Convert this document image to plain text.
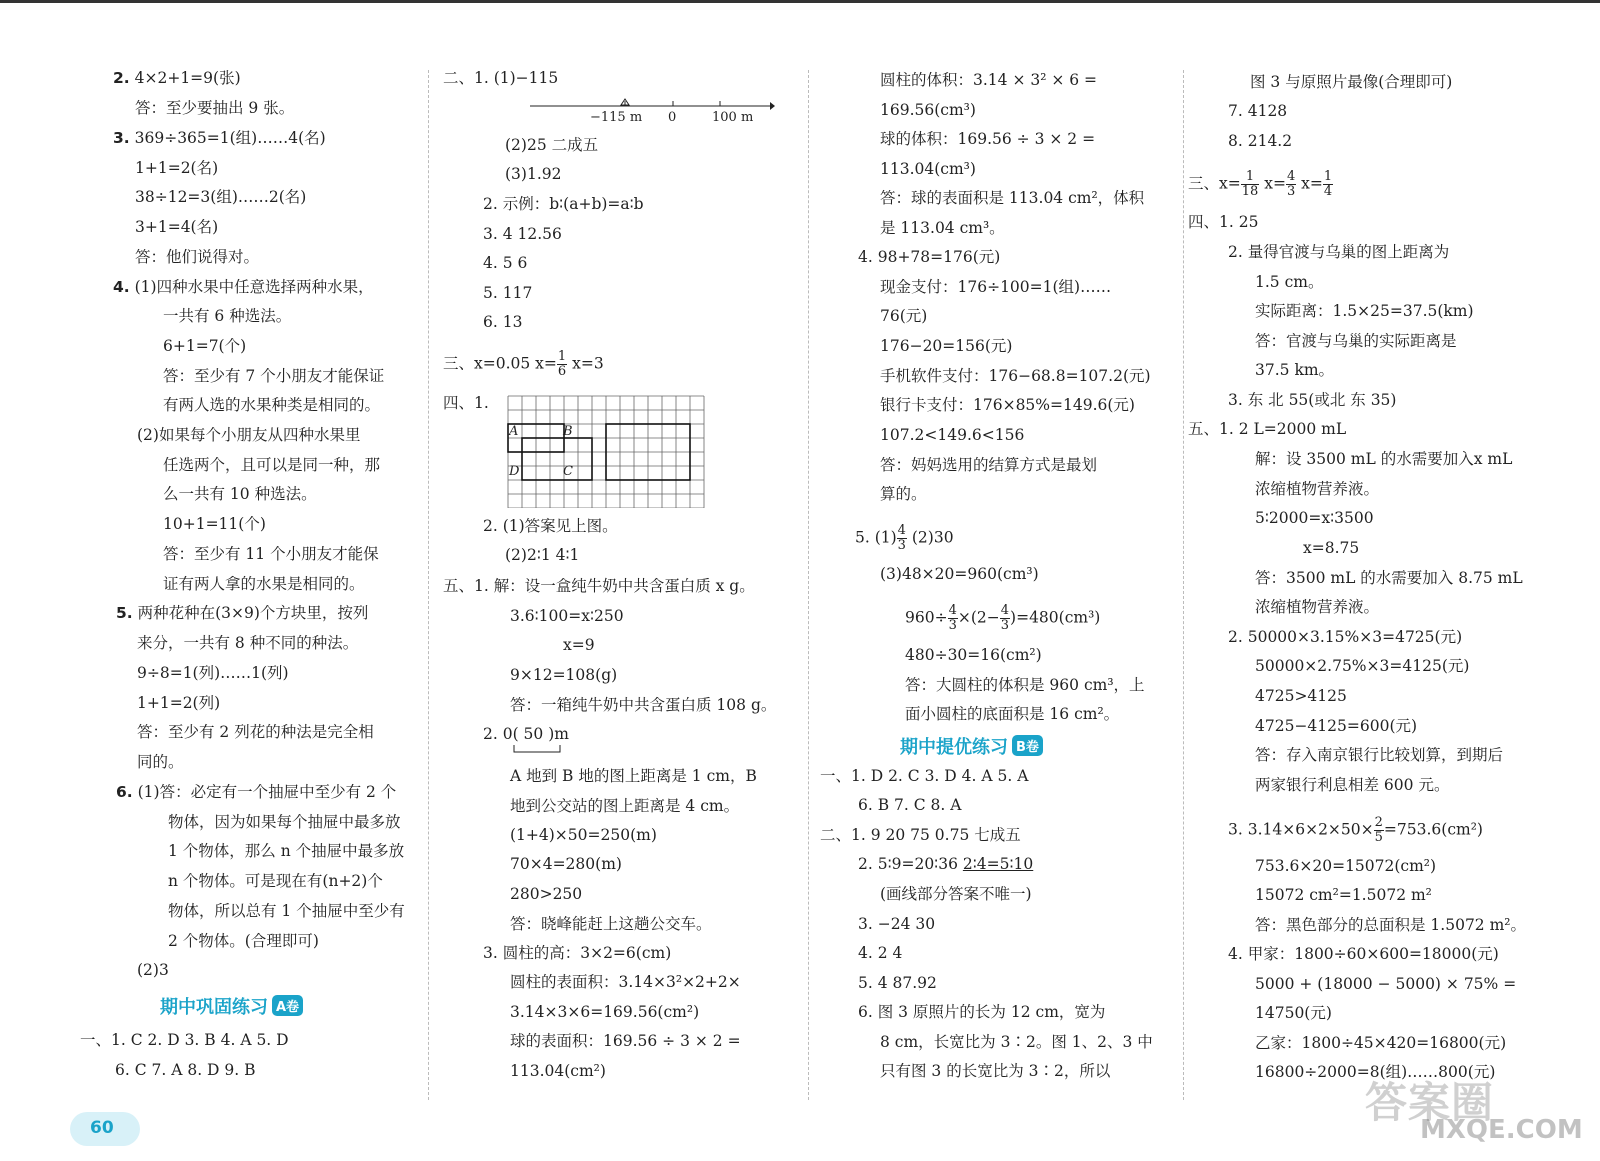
2. 4×2+1=9(张)
答：至少要抽出 9 张。
3. 369÷365=1(组)……4(名)
1+1=2(名)
38÷12=3(组)……2(名)
3+1=4(名)
答：他们说得对。
4. (1)四种水果中任意选择两种水果，
一共有 6 种选法。
6+1=7(个)
答：至少有 7 个小朋友才能保证
有两人选的水果种类是相同的。
(2)如果每个小朋友从四种水果里
任选两个，且可以是同一种，那
么一共有 10 种选法。
10+1=11(个)
答：至少有 11 个小朋友才能保
证有两人拿的水果是相同的。
5. 两种花种在(3×9)个方块里，按列
来分，一共有 8 种不同的种法。
9÷8=1(列)……1(列)
1+1=2(列)
答：至少有 2 列花的种法是完全相
同的。
6. (1)答：必定有一个抽屉中至少有 2 个
物体，因为如果每个抽屉中最多放
1 个物体，那么 n 个抽屉中最多放
n 个物体。可是现在有(n+2)个
物体，所以总有 1 个抽屉中至少有
2 个物体。(合理即可)
(2)3
期中巩固练习 A卷
一、1. C 2. D 3. B 4. A 5. D
6. C 7. A 8. D 9. B
二、1. (1)−115
−115 m 0	100 m
(2)25 二成五
(3)1.92
2. 示例：b∶(a+b)=a∶b
3. 4 12.56
4. 5 6
5. 117
6. 13
三、x=0.05 $x= \frac{1}{6} x=3$
四、1.
A	B
D	C
2. (1)答案见上图。
(2)2∶1 4∶1
五、1. 解：设一盒纯牛奶中共含蛋白质 x g。
3.6∶100=x∶250
x=9
9×12=108(g)
答：一箱纯牛奶中共含蛋白质 108 g。
2. 0( 50 )m
A 地到 B 地的图上距离是 1 cm，B
地到公交站的图上距离是 4 cm。
(1+4)×50=250(m)
70×4=280(m)
280>250
答：晓峰能赶上这趟公交车。
3. 圆柱的高：3×2=6(cm)
圆柱的表面积：3.14×3²×2+2×
3.14×3×6=169.56(cm²)
球的表面积：169.56 ÷ 3 × 2 =
113.04(cm²)
圆柱的体积：3.14 × 3² × 6 =
169.56(cm³)
球的体积：169.56 ÷ 3 × 2 =
113.04(cm³)
答：球的表面积是 113.04 cm²，体积
是 113.04 cm³。
4. 98+78=176(元)
现金支付：176÷100=1(组)……
76(元)
176−20=156(元)
手机软件支付：176−68.8=107.2(元)
银行卡支付：176×85%=149.6(元)
107.2<149.6<156
答：妈妈选用的结算方式是最划
算的。
5. $(1) \frac{4}{3} (2)30$
(3)48×20=960(cm³)
$960\div \frac{4}{3} \times(2- \frac{4}{3} )=480(cm^3)$
480÷30=16(cm²)
答：大圆柱的体积是 960 cm³，上
面小圆柱的底面积是 16 cm²。
期中提优练习 B卷
一、1. D 2. C 3. D 4. A 5. A
6. B 7. C 8. A
二、1. 9 20 75 0.75 七成五
2. 5∶9=20∶36 2∶4=5∶10
(画线部分答案不唯一)
3. −24 30
4. 2 4
5. 4 87.92
6. 图 3 原照片的长为 12 cm，宽为
8 cm，长宽比为 3∶2。图 1、2、3 中
只有图 3 的长宽比为 3∶2，所以
图 3 与原照片最像(合理即可)
7. 4128
8. 214.2
三、$x= \frac{1}{18} x= \frac{4}{3} x= \frac{1}{4}$
四、1. 25
2. 量得官渡与乌巢的图上距离为
1.5 cm。
实际距离：1.5×25=37.5(km)
答：官渡与乌巢的实际距离是
37.5 km。
3. 东 北 55(或北 东 35)
五、1. 2 L=2000 mL
解：设 3500 mL 的水需要加入x mL
浓缩植物营养液。
5∶2000=x∶3500
x=8.75
答：3500 mL 的水需要加入 8.75 mL
浓缩植物营养液。
2. 50000×3.15%×3=4725(元)
50000×2.75%×3=4125(元)
4725>4125
4725−4125=600(元)
答：存入南京银行比较划算，到期后
两家银行利息相差 600 元。
3. $3.14\times 6\times 2\times 50\times \frac{2}{5} =753.6(cm^2)$
753.6×20=15072(cm²)
15072 cm²=1.5072 m²
答：黑色部分的总面积是 1.5072 m²。
4. 甲家：1800÷60×600=18000(元)
5000 + (18000 − 5000) × 75% =
14750(元)
乙家：1800÷45×420=16800(元)
16800÷2000=8(组)……800(元)
60
答案圈
MXQE.COM
